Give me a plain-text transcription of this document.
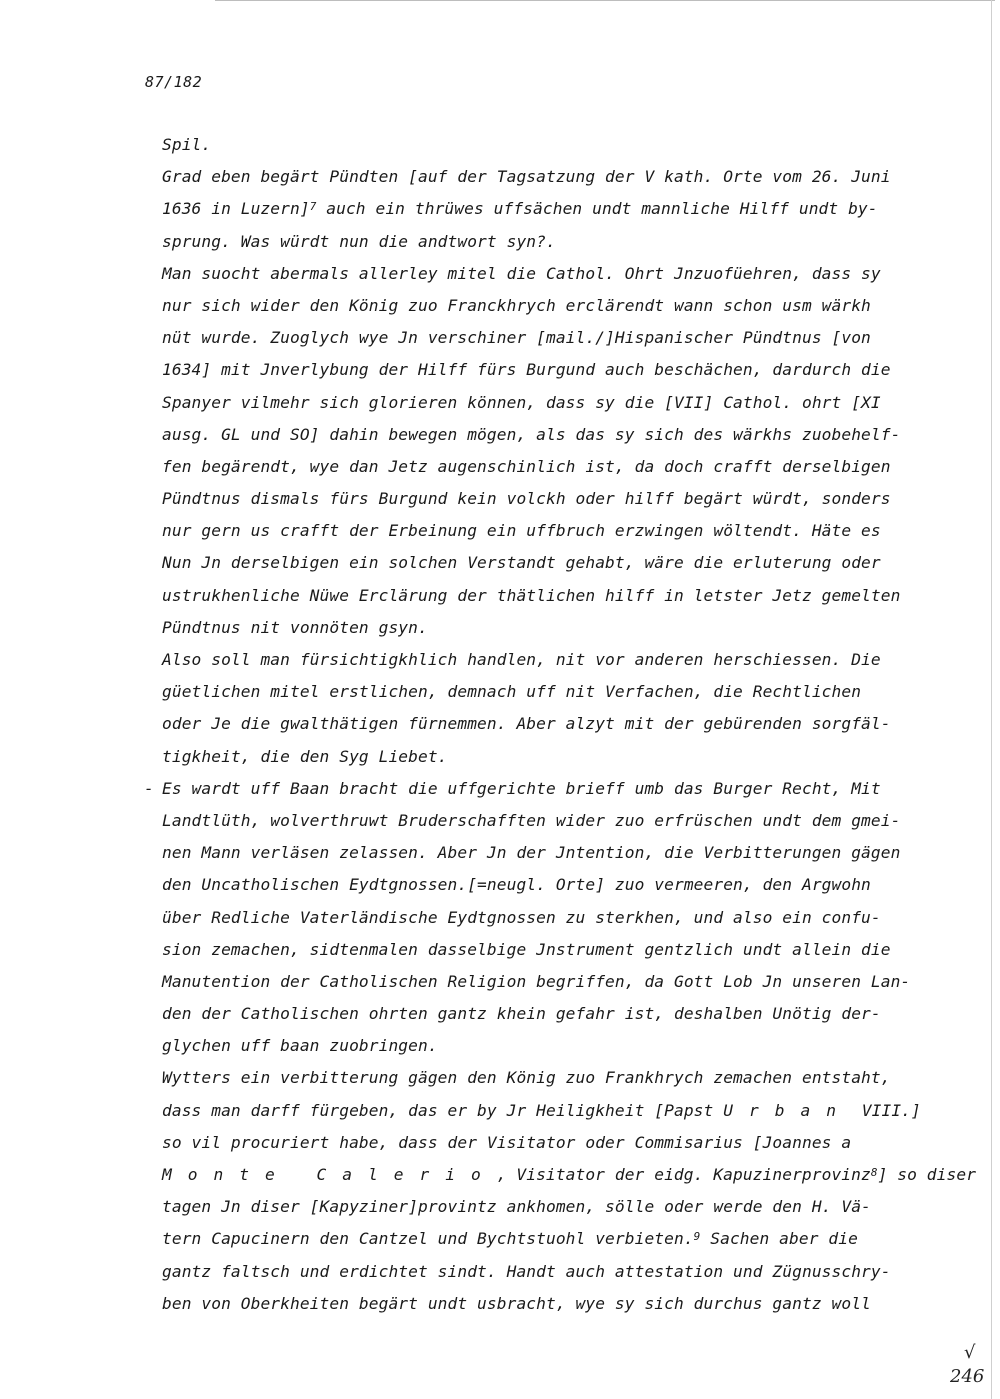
87/182
Spil.
Grad eben begärt Pündten [auf der Tagsatzung der V kath. Orte vom 26. Juni
1636 in Luzern]$^7$ auch ein thrüwes uffsächen undt mannliche Hilff undt by-
sprung. Was würdt nun die andtwort syn?.
Man suocht abermals allerley mitel die Cathol. Ohrt Jnzuofüehren, dass sy
nur sich wider den König zuo Franckhrych erclärendt wann schon usm wärkh
nüt wurde. Zuoglych wye Jn verschiner [mail./]Hispanischer Pündtnus [von
1634] mit Jnverlybung der Hilff fürs Burgund auch beschächen, dardurch die
Spanyer vilmehr sich glorieren können, dass sy die [VII] Cathol. ohrt [XI
ausg. GL und SO] dahin bewegen mögen, als das sy sich des wärkhs zuobehelf-
fen begärendt, wye dan Jetz augenschinlich ist, da doch crafft derselbigen
Pündtnus dismals fürs Burgund kein volckh oder hilff begärt würdt, sonders
nur gern us crafft der Erbeinung ein uffbruch erzwingen wöltendt. Häte es
Nun Jn derselbigen ein solchen Verstandt gehabt, wäre die erluterung oder
ustrukhenliche Nüwe Erclärung der thätlichen hilff in letster Jetz gemelten
Pündtnus nit vonnöten gsyn.
Also soll man fürsichtigkhlich handlen, nit vor anderen herschiessen. Die
güetlichen mitel erstlichen, demnach uff nit Verfachen, die Rechtlichen
oder Je die gwalthätigen fürnemmen. Aber alzyt mit der gebürenden sorgfäl-
tigkheit, die den Syg Liebet.
- Es wardt uff Baan bracht die uffgerichte brieff umb das Burger Recht, Mit
Landtlüth, wolverthruwt Bruderschafften wider zuo erfrüschen undt dem gmei-
nen Mann verläsen zelassen. Aber Jn der Jntention, die Verbitterungen gägen
den Uncatholischen Eydtgnossen.[=neugl. Orte] zuo vermeeren, den Argwohn
über Redliche Vaterländische Eydtgnossen zu sterkhen, und also ein confu-
sion zemachen, sidtenmalen dasselbige Jnstrument gentzlich undt allein die
Manutention der Catholischen Religion begriffen, da Gott Lob Jn unseren Lan-
den der Catholischen ohrten gantz khein gefahr ist, deshalben Unötig der-
glychen uff baan zuobringen.
Wytters ein verbitterung gägen den König zuo Frankhrych zemachen entstaht,
dass man darff fürgeben, das er by Jr Heiligkheit [Papst Urban VIII.]
so vil procuriert habe, dass der Visitator oder Commisarius [Joannes a
Monte Calerio, Visitator der eidg. Kapuzinerprovinz$^8$] so diser
tagen Jn diser [Kapyziner]provintz ankhomen, sölle oder werde den H. Vä-
tern Capucinern den Cantzel und Bychtstuohl verbieten.$^9$ Sachen aber die
gantz faltsch und erdichtet sindt. Handt auch attestation und Zügnusschry-
ben von Oberkheiten begärt undt usbracht, wye sy sich durchus gantz woll
√
246
